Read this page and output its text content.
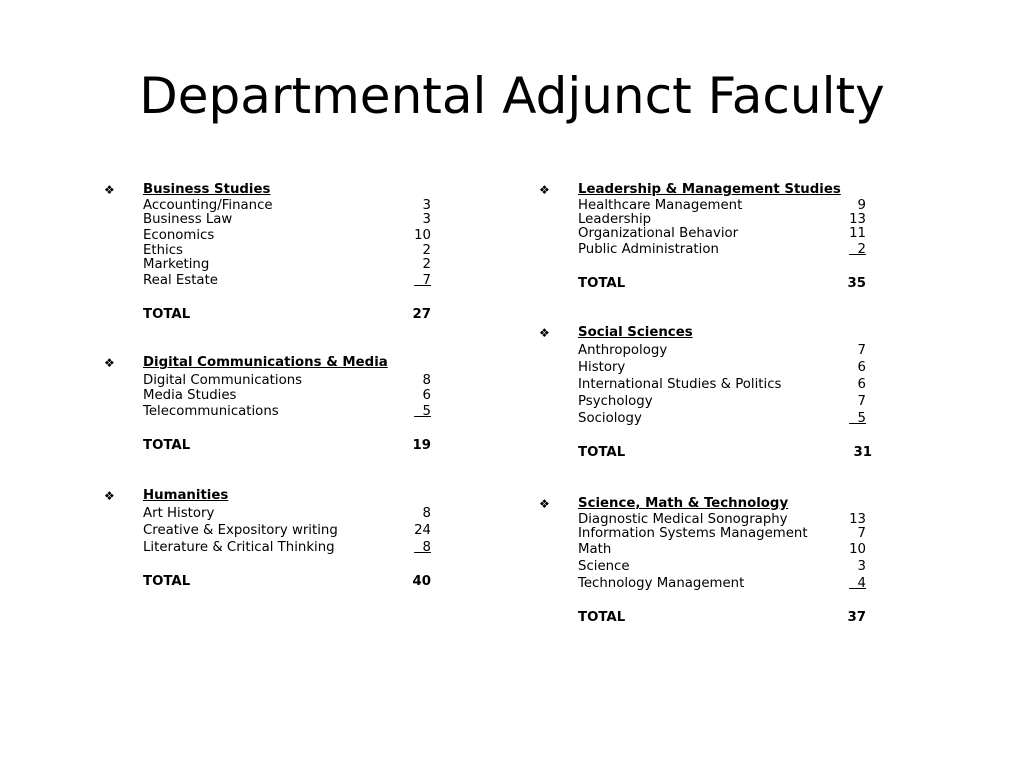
Departmental Adjunct Faculty
❖ Business Studies
Accounting/Finance	3
Business Law	3
Economics	10
Ethics	2
Marketing	2
Real Estate	7
TOTAL	27
❖ Digital Communications & Media
Digital Communications	8
Media Studies	6
Telecommunications	5
TOTAL	19
❖ Humanities
Art History	8
Creative & Expository writing	24
Literature & Critical Thinking	8
TOTAL	40
❖ Leadership & Management Studies
Healthcare Management	9
Leadership	13
Organizational Behavior	11
Public Administration	2
TOTAL	35
❖ Social Sciences
Anthropology	7
History	6
International Studies & Politics	6
Psychology	7
Sociology	5
TOTAL	31
❖ Science, Math & Technology
Diagnostic Medical Sonography	13
Information Systems Management	7
Math	10
Science	3
Technology Management	4
TOTAL	37
